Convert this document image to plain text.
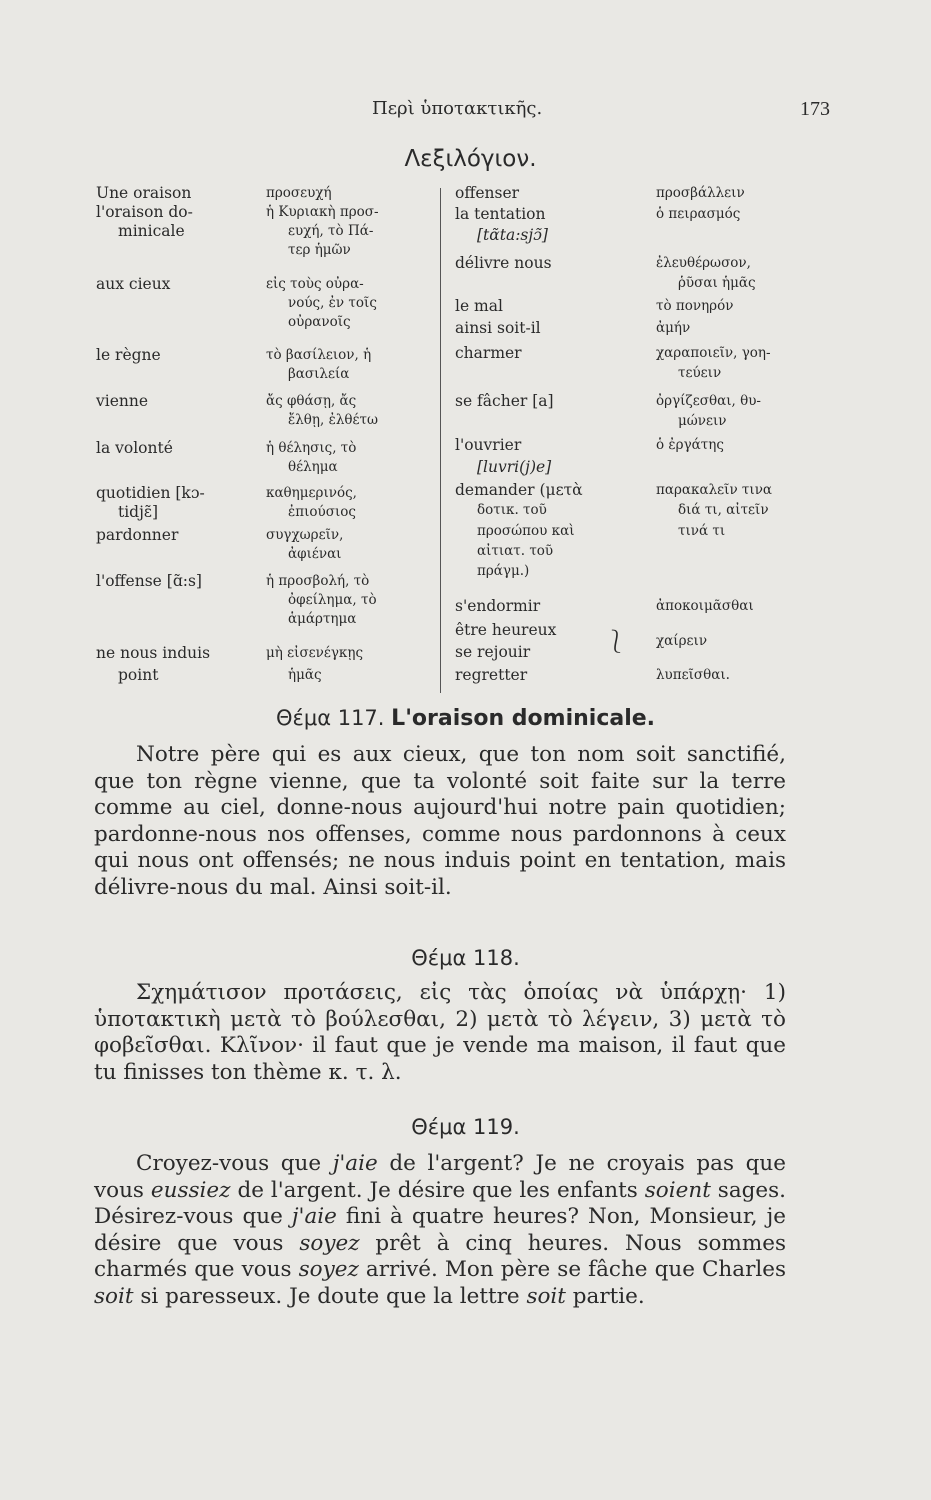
Περὶ ὑποτακτικῆς.	173
Λεξιλόγιον.
Une oraison
l'oraison do-
minicale
aux cieux
le règne
vienne
la volonté
quotidien [kɔ-
tidjɛ̃]
pardonner
l'offense [ɑ̃:s]
ne nous induis
point
προσευχή
ἡ Κυριακὴ προσ-
ευχή, τὸ Πά-
τερ ἡμῶν
εἰς τοὺς οὐρα-
νούς, ἐν τοῖς
οὐρανοῖς
τὸ βασίλειον, ἡ
βασιλεία
ἄς φθάσῃ, ἄς
ἔλθῃ, ἐλθέτω
ἡ θέλησις, τὸ
θέλημα
καθημερινός,
ἐπιούσιος
συγχωρεῖν,
ἀφιέναι
ἡ προσβολή, τὸ
ὀφείλημα, τὸ
ἁμάρτημα
μὴ εἰσενέγκῃς
ἡμᾶς
offenser
la tentation
[tɑ̃ta:sjɔ̃]
délivre nous
le mal
ainsi soit-il
charmer
se fâcher [a]
l'ouvrier
[luvri(j)e]
demander (μετὰ
δοτικ. τοῦ
προσώπου καὶ
αἰτιατ. τοῦ
πράγμ.)
s'endormir
être heureux
se rejouir
regretter
⎱
προσβάλλειν
ὁ πειρασμός
ἐλευθέρωσον,
ῥῦσαι ἡμᾶς
τὸ πονηρόν
ἀμήν
χαραποιεῖν, γοη-
τεύειν
ὀργίζεσθαι, θυ-
μώνειν
ὁ ἐργάτης
παρακαλεῖν τινα
διά τι, αἰτεῖν
τινά τι
ἀποκοιμᾶσθαι
χαίρειν
λυπεῖσθαι.
Θέμα 117. L'oraison dominicale.

Notre père qui es aux cieux, que ton nom soit sanctifié, que ton règne vienne, que ta volonté soit faite sur la terre comme au ciel, donne-nous aujourd'hui notre pain quotidien; pardonne-nous nos offenses, comme nous pardonnons à ceux qui nous ont offensés; ne nous induis point en tentation, mais délivre-nous du mal. Ainsi soit-il.

Θέμα 118.

Σχημάτισον προτάσεις, εἰς τὰς ὁποίας νὰ ὑπάρχῃ· 1) ὑποτακτικὴ μετὰ τὸ βούλεσθαι, 2) μετὰ τὸ λέγειν, 3) μετὰ τὸ φοβεῖσθαι. Κλῖνον· il faut que je vende ma maison, il faut que tu finisses ton thème κ. τ. λ.

Θέμα 119.

Croyez-vous que j'aie de l'argent? Je ne croyais pas que vous eussiez de l'argent. Je désire que les enfants soient sages. Désirez-vous que j'aie fini à quatre heures? Non, Monsieur, je désire que vous soyez prêt à cinq heures. Nous sommes charmés que vous soyez arrivé. Mon père se fâche que Charles soit si paresseux. Je doute que la lettre soit partie.
